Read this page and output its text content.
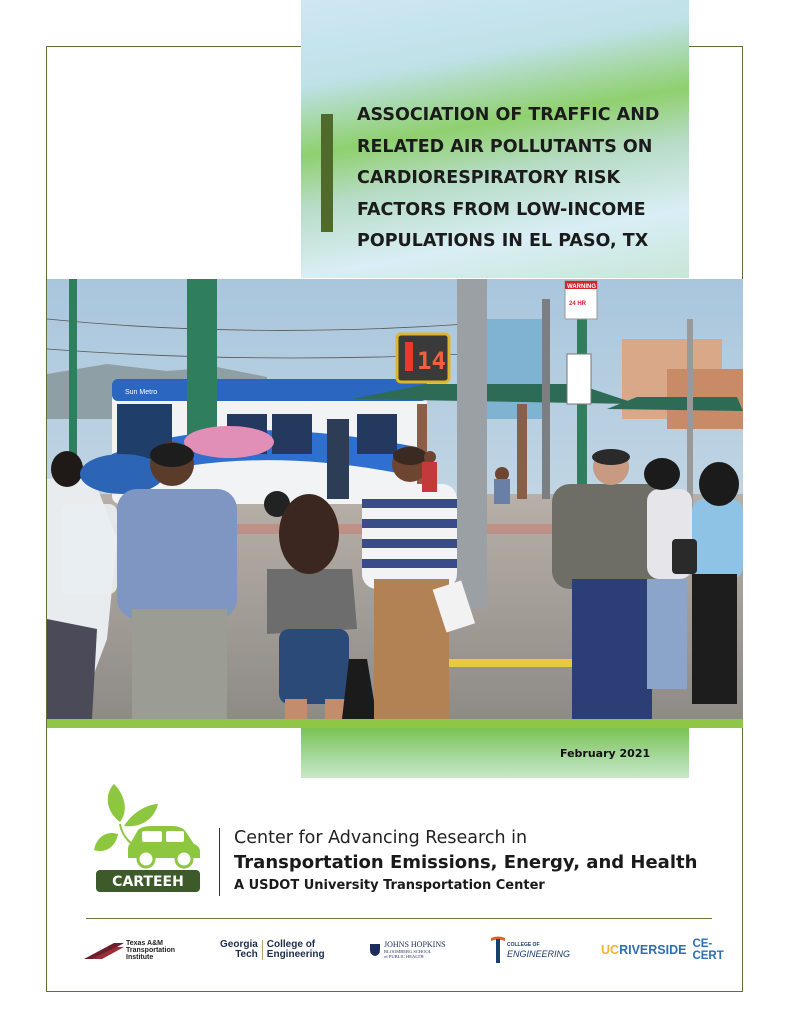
ASSOCIATION OF TRAFFIC AND
RELATED AIR POLLUTANTS ON
CARDIORESPIRATORY RISK
FACTORS FROM LOW-INCOME
POPULATIONS IN EL PASO, TX
Sun Metro
14
WARNING
24 HR
February 2021
CARTEEH
Center for Advancing Research in
Transportation Emissions, Energy, and Health
A USDOT University Transportation Center
Texas A&M
Transportation
Institute
Georgia
Tech
College of
Engineering
JOHNS HOPKINS
BLOOMBERG SCHOOL
of PUBLIC HEALTH
COLLEGE OF
ENGINEERING UC RIVERSIDE CE-CERT
